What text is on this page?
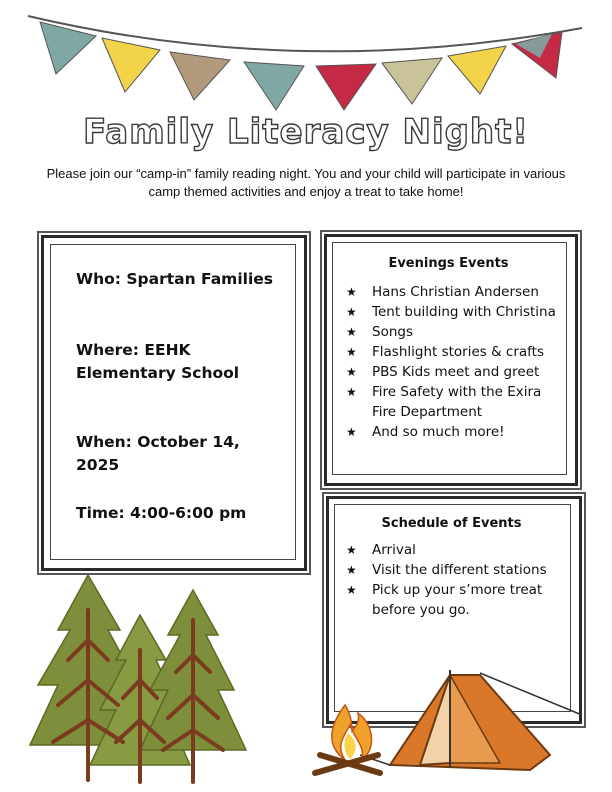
Family Literacy Night!
Please join our “camp-in” family reading night. You and your child will participate in various camp themed activities and enjoy a treat to take home!
Who: Spartan Families
Where: EEHK
Elementary School
When: October 14, 2025
Time: 4:00-6:00 pm
Evenings Events
★ Hans Christian Andersen
★ Tent building with Christina
★ Songs
★ Flashlight stories & crafts
★ PBS Kids meet and greet
★ Fire Safety with the Exira Fire Department
★ And so much more!
Schedule of Events
★ Arrival
★ Visit the different stations
★ Pick up your s’more treat before you go.
